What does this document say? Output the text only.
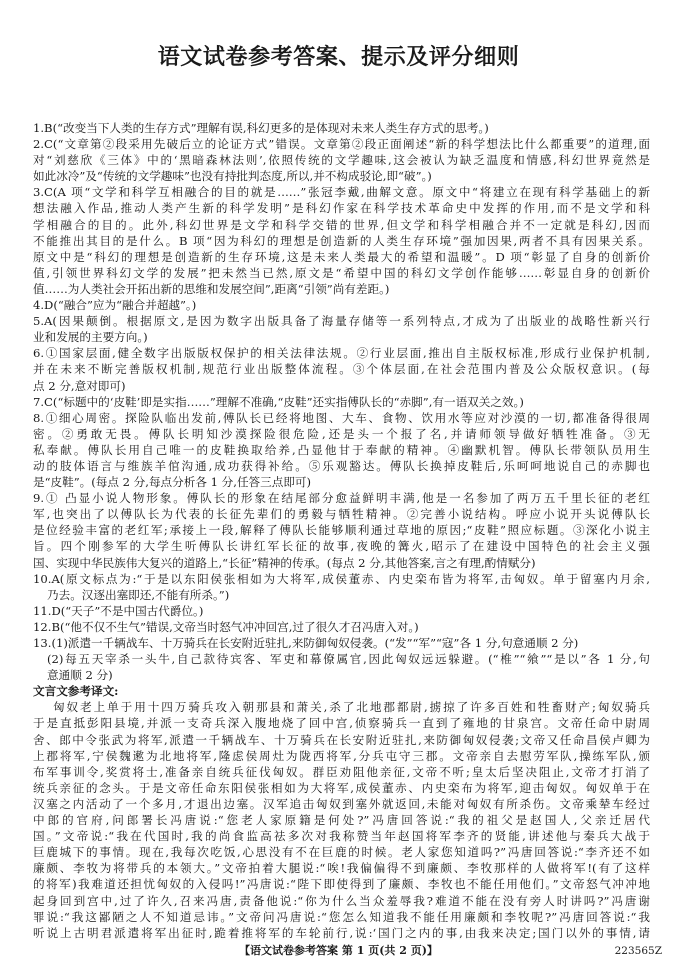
语文试卷参考答案、提示及评分细则
1.B(“改变当下人类的生存方式”理解有误,科幻更多的是体现对未来人类生存方式的思考。)
2.C(“文章第②段采用先破后立的论证方式”错误。文章第②段正面阐述“新的科学想法比什么都重要”的道理,面
对“刘慈欣《三体》中的‘黑暗森林法则’,依照传统的文学趣味,这会被认为缺乏温度和情感,科幻世界竟然是
如此冰冷”及“传统的文学趣味”也没有持批判态度,所以,并不构成驳论,即“破”。)
3.C(A 项“文学和科学互相融合的目的就是……”张冠李戴,曲解文意。原文中“将建立在现有科学基础上的新
想法融入作品,推动人类产生新的科学发明”是科幻作家在科学技术革命史中发挥的作用,而不是文学和科
学相融合的目的。此外,科幻世界是文学和科学交错的世界,但文学和科学相融合并不一定就是科幻,因而
不能推出其目的是什么。B 项“因为科幻的理想是创造新的人类生存环境”强加因果,两者不具有因果关系。
原文中是“科幻的理想是创造新的生存环境,这是未来人类最大的希望和温暖”。D 项“彰显了自身的创新价
值,引领世界科幻文学的发展”把未然当已然,原文是“希望中国的科幻文学创作能够……彰显自身的创新价
值……为人类社会开拓出新的思维和发展空间”,距离“引领”尚有差距。)
4.D(“融合”应为“融合并超越”。)
5.A(因果颠倒。根据原文,是因为数字出版具备了海量存储等一系列特点,才成为了出版业的战略性新兴行
业和发展的主要方向。)
6.①国家层面,健全数字出版版权保护的相关法律法规。②行业层面,推出自主版权标准,形成行业保护机制,
并在未来不断完善版权机制,规范行业出版整体流程。③个体层面,在社会范围内普及公众版权意识。(每
点 2 分,意对即可)
7.C(“标题中的‘皮鞋’即是实指……”理解不准确,“皮鞋”还实指傅队长的“赤脚”,有一语双关之效。)
8.①细心周密。探险队临出发前,傅队长已经将地图、大车、食物、饮用水等应对沙漠的一切,都准备得很周
密。②勇敢无畏。傅队长明知沙漠探险很危险,还是头一个报了名,并请师领导做好牺牲准备。③无
私奉献。傅队长用自己唯一的皮鞋换取给养,凸显他甘于奉献的精神。④幽默机智。傅队长带领队员用生
动的肢体语言与维族羊倌沟通,成功获得补给。⑤乐观豁达。傅队长换掉皮鞋后,乐呵呵地说自己的赤脚也
是“皮鞋”。(每点 2 分,每点分析各 1 分,任答三点即可)
9.① 凸显小说人物形象。傅队长的形象在结尾部分愈益鲜明丰满,他是一名参加了两万五千里长征的老红
军,也突出了以傅队长为代表的长征先辈们的勇毅与牺牲精神。②完善小说结构。呼应小说开头说傅队长
是位经验丰富的老红军;承接上一段,解释了傅队长能够顺利通过草地的原因;“皮鞋”照应标题。③深化小说主
旨。四个刚参军的大学生听傅队长讲红军长征的故事,夜晚的篝火,昭示了在建设中国特色的社会主义强
国、实现中华民族伟大复兴的道路上,“长征”精神的传承。(每点 2 分,其他答案,言之有理,酌情赋分)
10.A(原文标点为:“于是以东阳侯张相如为大将军,成侯董赤、内史栾布皆为将军,击匈奴。单于留塞内月余,
乃去。汉逐出塞即还,不能有所杀。”)
11.D(“天子”不是中国古代爵位。)
12.B(“他不仅不生气”错误,文帝当时怒气冲冲回宫,过了很久才召冯唐入对。)
13.(1)派遣一千辆战车、十万骑兵在长安附近驻扎,来防御匈奴侵袭。(“发”“军”“寇”各 1 分,句意通顺 2 分)
(2)每五天宰杀一头牛,自己款待宾客、军吏和幕僚属官,因此匈奴远远躲避。(“椎”“飨”“是以”各 1 分,句
意通顺 2 分)
文言文参考译文:
匈奴老上单于用十四万骑兵攻入朝那县和萧关,杀了北地郡都尉,掳掠了许多百姓和牲畜财产;匈奴骑兵
于是直抵彭阳县境,并派一支奇兵深入腹地烧了回中宫,侦察骑兵一直到了雍地的甘泉宫。文帝任命中尉周
舍、郎中令张武为将军,派遣一千辆战车、十万骑兵在长安附近驻扎,来防御匈奴侵袭;文帝又任命昌侯卢卿为
上郡将军,宁侯魏遬为北地将军,隆虑侯周灶为陇西将军,分兵屯守三郡。文帝亲自去慰劳军队,操练军队,颁
布军事训令,奖赏将士,准备亲自统兵征伐匈奴。群臣劝阻他亲征,文帝不听;皇太后坚决阻止,文帝才打消了
统兵亲征的念头。于是文帝任命东阳侯张相如为大将军,成侯董赤、内史栾布为将军,迎击匈奴。匈奴单于在
汉塞之内活动了一个多月,才退出边塞。汉军追击匈奴到塞外就返回,未能对匈奴有所杀伤。文帝乘辇车经过
中郎的官府,问郎署长冯唐说:“您老人家原籍是何处?”冯唐回答说:“我的祖父是赵国人,父亲迁居代
国。”文帝说:“我在代国时,我的尚食监高祛多次对我称赞当年赵国将军李齐的贤能,讲述他与秦兵大战于
巨鹿城下的事情。现在,我每次吃饭,心思没有不在巨鹿的时候。老人家您知道吗?”冯唐回答说:“李齐还不如
廉颇、李牧为将带兵的本领大。”文帝拍着大腿说:“唉!我偏偏得不到廉颇、李牧那样的人做将军!(有了这样
的将军)我难道还担忧匈奴的入侵吗!”冯唐说:“陛下即使得到了廉颇、李牧也不能任用他们。”文帝怒气冲冲地
起身回到宫中,过了许久,召来冯唐,责备他说:“你为什么当众羞辱我?难道不能在没有旁人时讲吗?”冯唐谢
罪说:“我这鄙陋之人不知道忌讳。”文帝问冯唐说:“您怎么知道我不能任用廉颇和李牧呢?”冯唐回答说:“我
听说上古明君派遣将军出征时,跪着推将军的车轮前行,说:‘国门之内的事,由我来决定;国门以外的事情,请
【语文试卷参考答案 第 1 页(共 2 页)】	223565Z
